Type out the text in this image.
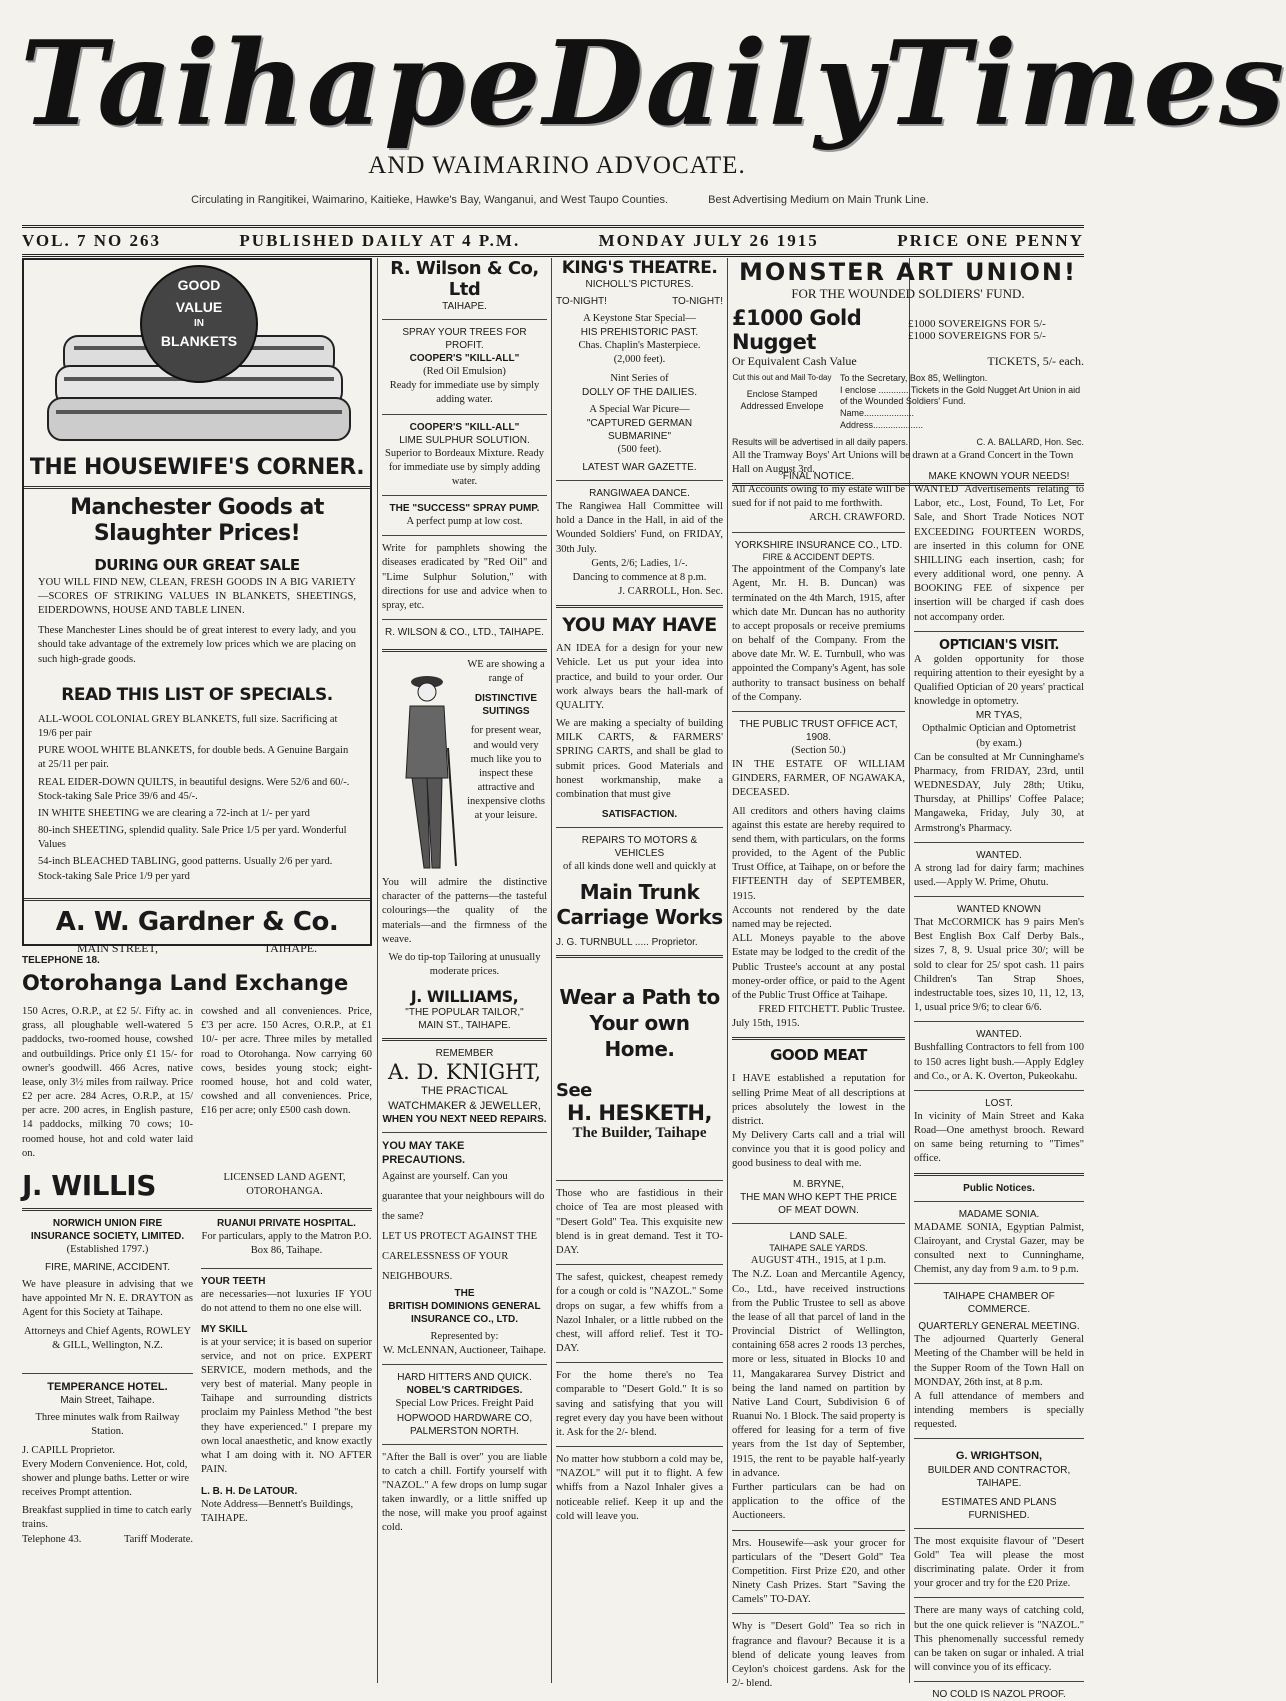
Taihape Daily Times
AND WAIMARINO ADVOCATE.
Circulating in Rangitikei, Waimarino, Kaitieke, Hawke's Bay, Wanganui, and West Taupo Counties.	Best Advertising Medium on Main Trunk Line.
VOL. 7 NO 263	PUBLISHED DAILY AT 4 P.M.	MONDAY JULY 26 1915	PRICE ONE PENNY
GOOD
VALUE
IN
BLANKETS
THE HOUSEWIFE'S CORNER.
Manchester Goods at Slaughter Prices!
DURING OUR GREAT SALE
YOU WILL FIND NEW, CLEAN, FRESH GOODS IN A BIG VARIETY—SCORES OF STRIKING VALUES IN BLANKETS, SHEETINGS, EIDERDOWNS, HOUSE AND TABLE LINEN.
These Manchester Lines should be of great interest to every lady, and you should take advantage of the extremely low prices which we are placing on such high-grade goods.
READ THIS LIST OF SPECIALS.
ALL-WOOL COLONIAL GREY BLANKETS, full size. Sacrificing at 19/6 per pair
PURE WOOL WHITE BLANKETS, for double beds. A Genuine Bargain at 25/11 per pair.
REAL EIDER-DOWN QUILTS, in beautiful designs. Were 52/6 and 60/-. Stock-taking Sale Price 39/6 and 45/-.
IN WHITE SHEETING we are clearing a 72-inch at 1/- per yard
80-inch SHEETING, splendid quality. Sale Price 1/5 per yard. Wonderful Values
54-inch BLEACHED TABLING, good patterns. Usually 2/6 per yard. Stock-taking Sale Price 1/9 per yard
A. W. Gardner & Co.
MAIN STREET,	TAIHAPE.
TELEPHONE 18.
Otorohanga Land Exchange
150 Acres, O.R.P., at £2 5/. Fifty ac. in grass, all ploughable well-watered 5 paddocks, two-roomed house, cowshed and outbuildings. Price only £1 15/- for owner's goodwill. 466 Acres, native lease, only 3½ miles from railway. Price £2 per acre. 284 Acres, O.R.P., at 15/ per acre. 200 acres, in English pasture, 14 paddocks, milking 70 cows; 10-roomed house, hot and cold water laid on.
cowshed and all conveniences. Price, £'3 per acre. 150 Acres, O.R.P., at £1 10/- per acre. Three miles by metalled road to Otorohanga. Now carrying 60 cows, besides young stock; eight-roomed house, hot and cold water, cowshed and all conveniences. Price, £16 per acre; only £500 cash down.
J. WILLIS	LICENSED LAND AGENT, OTOROHANGA.
NORWICH UNION FIRE INSURANCE SOCIETY, LIMITED.
(Established 1797.)
FIRE, MARINE, ACCIDENT.
We have pleasure in advising that we have appointed Mr N. E. DRAYTON as Agent for this Society at Taihape.
Attorneys and Chief Agents, ROWLEY & GILL, Wellington, N.Z.
TEMPERANCE HOTEL.
Main Street, Taihape.
Three minutes walk from Railway Station.
J. CAPILL Proprietor.
Every Modern Convenience. Hot, cold, shower and plunge baths. Letter or wire receives Prompt attention.
Breakfast supplied in time to catch early trains.
Telephone 43.	Tariff Moderate.
RUANUI PRIVATE HOSPITAL.
For particulars, apply to the Matron P.O. Box 86, Taihape.
YOUR TEETH
are necessaries—not luxuries IF YOU do not attend to them no one else will.
MY SKILL
is at your service; it is based on superior service, and not on price. EXPERT SERVICE, modern methods, and the very best of material. Many people in Taihape and surrounding districts proclaim my Painless Method "the best they have experienced." I prepare my own local anaesthetic, and know exactly what I am doing with it. NO AFTER PAIN.
L. B. H. De LATOUR.
Note Address—Bennett's Buildings, TAIHAPE.
R. Wilson & Co, Ltd
TAIHAPE.
SPRAY YOUR TREES FOR PROFIT.
COOPER'S "KILL-ALL"
(Red Oil Emulsion)
Ready for immediate use by simply adding water.
COOPER'S "KILL-ALL"
LIME SULPHUR SOLUTION.
Superior to Bordeaux Mixture. Ready for immediate use by simply adding water.
THE "SUCCESS" SPRAY PUMP.
A perfect pump at low cost.
Write for pamphlets showing the diseases eradicated by "Red Oil" and "Lime Sulphur Solution," with directions for use and advice when to spray, etc.
R. WILSON & CO., LTD., TAIHAPE.
WE are showing a range of
DISTINCTIVE SUITINGS
for present wear, and would very much like you to inspect these attractive and inexpensive cloths at your leisure.
You will admire the distinctive character of the patterns—the tasteful colourings—the quality of the materials—and the firmness of the weave.
We do tip-top Tailoring at unusually moderate prices.
J. WILLIAMS,
"THE POPULAR TAILOR,"
MAIN ST., TAIHAPE.
REMEMBER
A. D. KNIGHT,
THE PRACTICAL WATCHMAKER & JEWELLER,
WHEN YOU NEXT NEED REPAIRS.
YOU MAY TAKE PRECAUTIONS.
Against are yourself. Can you guarantee that your neighbours will do the same?
LET US PROTECT AGAINST THE CARELESSNESS OF YOUR NEIGHBOURS.
THE
BRITISH DOMINIONS GENERAL INSURANCE CO., LTD.
Represented by:
W. McLENNAN, Auctioneer, Taihape.
HARD HITTERS AND QUICK.
NOBEL'S CARTRIDGES.
Special Low Prices. Freight Paid
HOPWOOD HARDWARE CO, PALMERSTON NORTH.
"After the Ball is over" you are liable to catch a chill. Fortify yourself with "NAZOL." A few drops on lump sugar taken inwardly, or a little sniffed up the nose, will make you proof against cold.
KING'S THEATRE.
NICHOLL'S PICTURES.
TO-NIGHT!	TO-NIGHT!
A Keystone Star Special—
HIS PREHISTORIC PAST.
Chas. Chaplin's Masterpiece.
(2,000 feet).
Nint Series of
DOLLY OF THE DAILIES.
A Special War Picure—
"CAPTURED GERMAN SUBMARINE"
(500 feet).
LATEST WAR GAZETTE.
RANGIWAEA DANCE.
The Rangiwea Hall Committee will hold a Dance in the Hall, in aid of the Wounded Soldiers' Fund, on FRIDAY, 30th July.
Gents, 2/6; Ladies, 1/-.
Dancing to commence at 8 p.m.
J. CARROLL, Hon. Sec.
YOU MAY HAVE
AN IDEA for a design for your new Vehicle. Let us put your idea into practice, and build to your order. Our work always bears the hall-mark of QUALITY.
We are making a specialty of building MILK CARTS, & FARMERS' SPRING CARTS, and shall be glad to submit prices. Good Materials and honest workmanship, make a combination that must give
SATISFACTION.
REPAIRS TO MOTORS & VEHICLES
of all kinds done well and quickly at
Main Trunk Carriage Works
J. G. TURNBULL ..... Proprietor.
Wear a Path to Your own Home.
See
H. HESKETH,
The Builder, Taihape
Those who are fastidious in their choice of Tea are most pleased with "Desert Gold" Tea. This exquisite new blend is in great demand. Test it TO-DAY.
The safest, quickest, cheapest remedy for a cough or cold is "NAZOL." Some drops on sugar, a few whiffs from a Nazol Inhaler, or a little rubbed on the chest, will afford relief. Test it TO-DAY.
For the home there's no Tea comparable to "Desert Gold." It is so saving and satisfying that you will regret every day you have been without it. Ask for the 2/- blend.
No matter how stubborn a cold may be, "NAZOL" will put it to flight. A few whiffs from a Nazol Inhaler gives a noticeable relief. Keep it up and the cold will leave you.
MONSTER ART UNION!
FOR THE WOUNDED SOLDIERS' FUND.
£1000 Gold Nugget
£1000 SOVEREIGNS FOR 5/-
£1000 SOVEREIGNS FOR 5/-
Or Equivalent Cash Value	TICKETS, 5/- each.
Cut this out and Mail To-day
Enclose Stamped Addressed Envelope
To the Secretary, Box 85, Wellington.
I enclose ............ Tickets in the Gold Nugget Art Union in aid of the Wounded Soldiers' Fund.
Name....................
Address....................
Results will be advertised in all daily papers.	C. A. BALLARD, Hon. Sec.
All the Tramway Boys' Art Unions will be drawn at a Grand Concert in the Town Hall on August 3rd.
FINAL NOTICE.
All Accounts owing to my estate will be sued for if not paid to me forthwith.
ARCH. CRAWFORD.
YORKSHIRE INSURANCE CO., LTD.
FIRE & ACCIDENT DEPTS.
The appointment of the Company's late Agent, Mr. H. B. Duncan) was terminated on the 4th March, 1915, after which date Mr. Duncan has no authority to accept proposals or receive premiums on behalf of the Company. From the above date Mr. W. E. Turnbull, who was appointed the Company's Agent, has sole authority to transact business on behalf of the Company.
THE PUBLIC TRUST OFFICE ACT, 1908.
(Section 50.)
IN THE ESTATE OF WILLIAM GINDERS, FARMER, OF NGAWAKA, DECEASED.
All creditors and others having claims against this estate are hereby required to send them, with particulars, on the forms provided, to the Agent of the Public Trust Office, at Taihape, on or before the FIFTEENTH day of SEPTEMBER, 1915.
Accounts not rendered by the date named may be rejected.
ALL Moneys payable to the above Estate may be lodged to the credit of the Public Trustee's account at any postal money-order office, or paid to the Agent of the Public Trust Office at Taihape.
FRED FITCHETT. Public Trustee.
July 15th, 1915.
GOOD MEAT
I HAVE established a reputation for selling Prime Meat of all descriptions at prices absolutely the lowest in the district.
My Delivery Carts call and a trial will convince you that it is good policy and good business to deal with me.
M. BRYNE,
THE MAN WHO KEPT THE PRICE OF MEAT DOWN.
LAND SALE.
TAIHAPE SALE YARDS.
AUGUST 4TH., 1915, at 1 p.m.
The N.Z. Loan and Mercantile Agency, Co., Ltd., have received instructions from the Public Trustee to sell as above the lease of all that parcel of land in the Provincial District of Wellington, containing 658 acres 2 roods 13 perches, more or less, situated in Blocks 10 and 11, Mangakararea Survey District and being the land named on partition by Native Land Court, Subdivision 6 of Ruanui No. 1 Block. The said property is offered for leasing for a term of five years from the 1st day of September, 1915, the rent to be payable half-yearly in advance.
Further particulars can be had on application to the office of the Auctioneers.
Mrs. Housewife—ask your grocer for particulars of the "Desert Gold" Tea Competition. First Prize £20, and other Ninety Cash Prizes. Start "Saving the Camels" TO-DAY.
Why is "Desert Gold" Tea so rich in fragrance and flavour? Because it is a blend of delicate young leaves from Ceylon's choicest gardens. Ask for the 2/- blend.
MAKE KNOWN YOUR NEEDS!
WANTED Advertisements relating to Labor, etc., Lost, Found, To Let, For Sale, and Short Trade Notices NOT EXCEEDING FOURTEEN WORDS, are inserted in this column for ONE SHILLING each insertion, cash; for every additional word, one penny. A BOOKING FEE of sixpence per insertion will be charged if cash does not accompany order.
OPTICIAN'S VISIT.
A golden opportunity for those requiring attention to their eyesight by a Qualified Optician of 20 years' practical knowledge in optometry.
MR TYAS,
Opthalmic Optician and Optometrist (by exam.)
Can be consulted at Mr Cunninghame's Pharmacy, from FRIDAY, 23rd, until WEDNESDAY, July 28th; Utiku, Thursday, at Phillips' Coffee Palace; Mangaweka, Friday, July 30, at Armstrong's Pharmacy.
WANTED.
A strong lad for dairy farm; machines used.—Apply W. Prime, Ohutu.
WANTED KNOWN
That McCORMICK has 9 pairs Men's Best English Box Calf Derby Bals., sizes 7, 8, 9. Usual price 30/; will be sold to clear for 25/ spot cash. 11 pairs Children's Tan Strap Shoes, indestructable toes, sizes 10, 11, 12, 13, 1, usual price 9/6; to clear 6/6.
WANTED.
Bushfalling Contractors to fell from 100 to 150 acres light bush.—Apply Edgley and Co., or A. K. Overton, Pukeokahu.
LOST.
In vicinity of Main Street and Kaka Road—One amethyst brooch. Reward on same being returning to "Times" office.
Public Notices.
MADAME SONIA.
MADAME SONIA, Egyptian Palmist, Clairoyant, and Crystal Gazer, may be consulted next to Cunninghame, Chemist, any day from 9 a.m. to 9 p.m.
TAIHAPE CHAMBER OF COMMERCE.
QUARTERLY GENERAL MEETING.
The adjourned Quarterly General Meeting of the Chamber will be held in the Supper Room of the Town Hall on MONDAY, 26th inst, at 8 p.m.
A full attendance of members and intending members is specially requested.
G. WRIGHTSON,
BUILDER AND CONTRACTOR, TAIHAPE.
ESTIMATES AND PLANS FURNISHED.
The most exquisite flavour of "Desert Gold" Tea will please the most discriminating palate. Order it from your grocer and try for the £20 Prize.
There are many ways of catching cold, but the one quick reliever is "NAZOL." This phenomenally successful remedy can be taken on sugar or inhaled. A trial will convince you of its efficacy.
NO COLD IS NAZOL PROOF.
